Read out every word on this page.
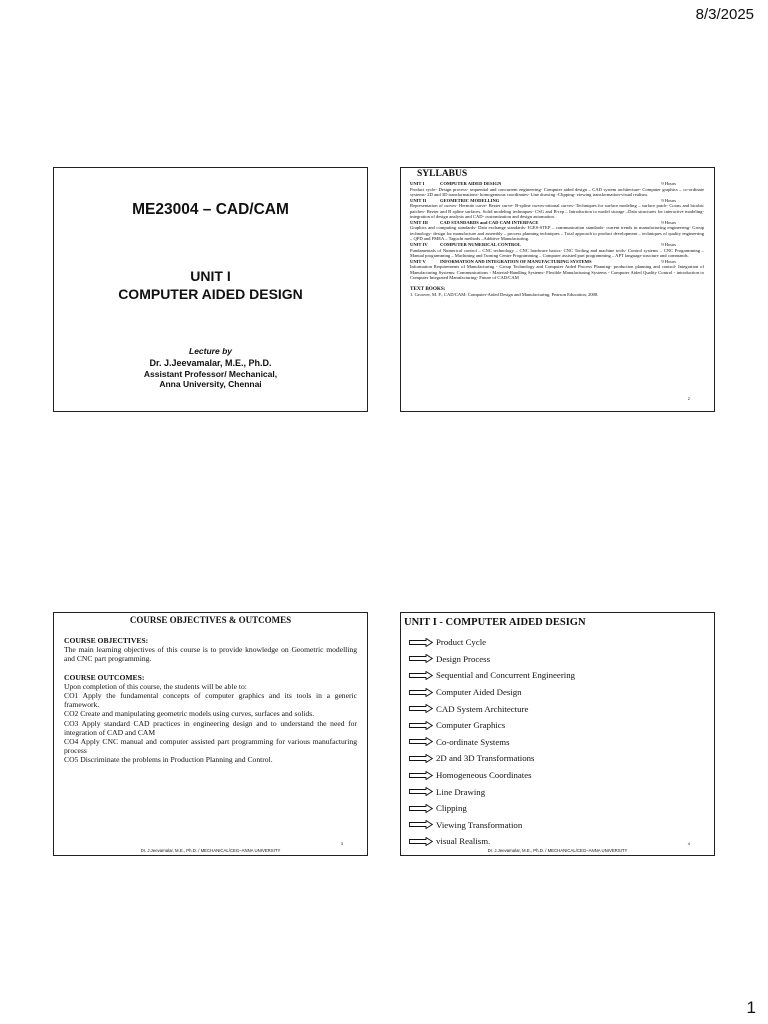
8/3/2025
ME23004 – CAD/CAM
UNIT I
COMPUTER AIDED DESIGN
Lecture by
Dr. J.Jeevamalar, M.E., Ph.D.
Assistant Professor/ Mechanical,
Anna University, Chennai
SYLLABUS
UNIT I	COMPUTER AIDED DESIGN	9 Hours
Product cycle- Design process- sequential and concurrent engineering- Computer aided design – CAD system architecture- Computer graphics – co-ordinate systems- 2D and 3D transformations- homogeneous coordinates- Line drawing -Clipping- viewing transformation-visual realism.
UNIT II	GEOMETRIC MODELLING	9 Hours
Representation of curves- Hermite curve- Bezier curve- B-spline curves-rational curves- Techniques for surface modeling – surface patch- Coons and bicubic patches- Bezier and B spline surfaces. Solid modeling techniques- CSG and B-rep – Introduction to model storage –Data structures for interactive modeling- integration of design analysis and CAD- customization and design automation.
UNIT III	CAD STANDARDS and CAD CAM INTERFACE	9 Hours
Graphics and computing standards- Data exchange standards- IGES-STEP – communication standards- current trends in manufacturing engineering- Group technology- design for manufacture and assembly – process planning techniques – Total approach to product development – techniques of quality engineering – QFD and FMEA – Taguchi methods –Additive Manufacturing.
UNIT IV	COMPUTER NUMERICAL CONTROL	9 Hours
Fundamentals of Numerical control – CNC technology – CNC hardware basics- CNC Tooling and machine tools- Control systems – CNC Programming – Manual programming – Machining and Turning Centre Programming – Computer assisted part programming – APT language structure and commands.
UNIT V	INFORMATION AND INTEGRATION OF MANUFACTURING SYSTEMS	9 Hours
Information Requirements of Manufacturing - Group Technology and Computer Aided Process Planning- production planning and control- Integration of Manufacturing Systems: Communications - Material-Handling Systems- Flexible Manufacturing Systems - Computer Aided Quality Control - introduction to Computer Integrated Manufacturing- Future of CAD/CAM
TEXT BOOKS:
1. Groover, M. P., CAD/CAM: Computer-Aided Design and Manufacturing, Pearson Education, 2008.
2
COURSE OBJECTIVES & OUTCOMES
COURSE OBJECTIVES:
The main learning objectives of this course is to provide knowledge on Geometric modelling and CNC part programming.
COURSE OUTCOMES:
Upon completion of this course, the students will be able to:
CO1 Apply the fundamental concepts of computer graphics and its tools in a generic framework.
CO2 Create and manipulating geometric models using curves, surfaces and solids.
CO3 Apply standard CAD practices in engineering design and to understand the need for integration of CAD and CAM
CO4 Apply CNC manual and computer assisted part programming for various manufacturing process
CO5 Discriminate the problems in Production Planning and Control.
3
Dr. J.Jeevamalar, M.E., Ph.D. / MECHANICAL/CEG–ANNA UNIVERSITY
UNIT I - COMPUTER AIDED DESIGN
Product Cycle
Design Process
Sequential and Concurrent Engineering
Computer Aided Design
CAD System Architecture
Computer Graphics
Co-ordinate Systems
2D and 3D Transformations
Homogeneous Coordinates
Line Drawing
Clipping
Viewing Transformation
visual Realism.	4
Dr. J.Jeevamalar, M.E., Ph.D. / MECHANICAL/CEG–ANNA UNIVERSITY
1
